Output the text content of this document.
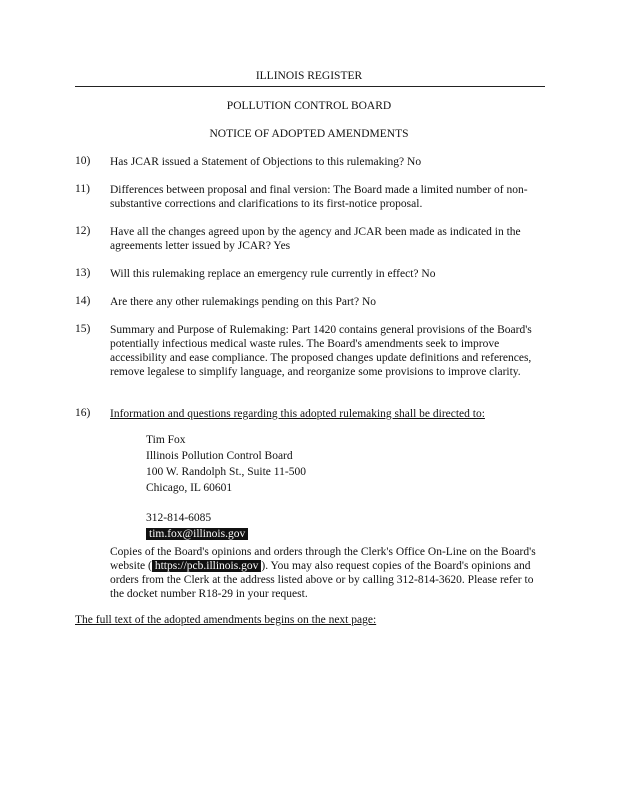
ILLINOIS REGISTER
POLLUTION CONTROL BOARD
NOTICE OF ADOPTED AMENDMENTS
10) Has JCAR issued a Statement of Objections to this rulemaking? No
11) Differences between proposal and final version: The Board made a limited number of non-substantive corrections and clarifications to its first-notice proposal.
12) Have all the changes agreed upon by the agency and JCAR been made as indicated in the agreements letter issued by JCAR? Yes
13) Will this rulemaking replace an emergency rule currently in effect? No
14) Are there any other rulemakings pending on this Part? No
15) Summary and Purpose of Rulemaking: Part 1420 contains general provisions of the Board's potentially infectious medical waste rules. The Board's amendments seek to improve accessibility and ease compliance. The proposed changes update definitions and references, remove legalese to simplify language, and reorganize some provisions to improve clarity.
16) Information and questions regarding this adopted rulemaking shall be directed to:
Tim Fox
Illinois Pollution Control Board
100 W. Randolph St., Suite 11-500
Chicago, IL 60601
312-814-6085
tim.fox@illinois.gov
Copies of the Board's opinions and orders through the Clerk's Office On-Line on the Board's website ( https://pcb.illinois.gov ). You may also request copies of the Board's opinions and orders from the Clerk at the address listed above or by calling 312-814-3620. Please refer to the docket number R18-29 in your request.
The full text of the adopted amendments begins on the next page:
